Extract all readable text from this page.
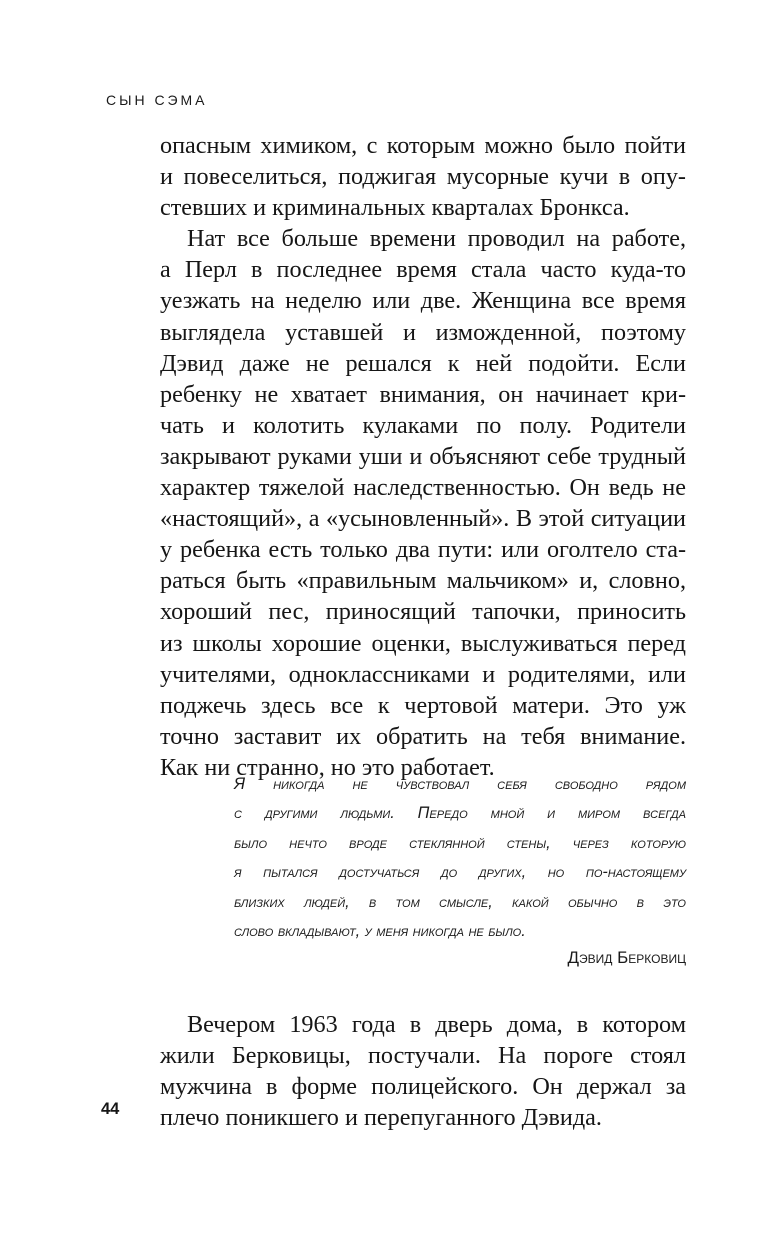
СЫН СЭМА
опасным химиком, с которым можно было пойти
и повеселиться, поджигая мусорные кучи в опу-
стевших и криминальных кварталах Бронкса.
Нат все больше времени проводил на работе,
а Перл в последнее время стала часто куда-то
уезжать на неделю или две. Женщина все время
выглядела уставшей и изможденной, поэтому
Дэвид даже не решался к ней подойти. Если
ребенку не хватает внимания, он начинает кри-
чать и колотить кулаками по полу. Родители
закрывают руками уши и объясняют себе трудный
характер тяжелой наследственностью. Он ведь не
«настоящий», а «усыновленный». В этой ситуации
у ребенка есть только два пути: или оголтело ста-
раться быть «правильным мальчиком» и, словно,
хороший пес, приносящий тапочки, приносить
из школы хорошие оценки, выслуживаться перед
учителями, одноклассниками и родителями, или
поджечь здесь все к чертовой матери. Это уж
точно заставит их обратить на тебя внимание.
Как ни странно, но это работает.
Я никогда не чувствовал себя свободно рядом
с другими людьми. Передо мной и миром всегда
было нечто вроде стеклянной стены, через которую
я пытался достучаться до других, но по-настоящему
близких людей, в том смысле, какой обычно в это
слово вкладывают, у меня никогда не было.
Дэвид Берковиц
Вечером 1963 года в дверь дома, в котором
жили Берковицы, постучали. На пороге стоял
мужчина в форме полицейского. Он держал за
плечо поникшего и перепуганного Дэвида.
44
